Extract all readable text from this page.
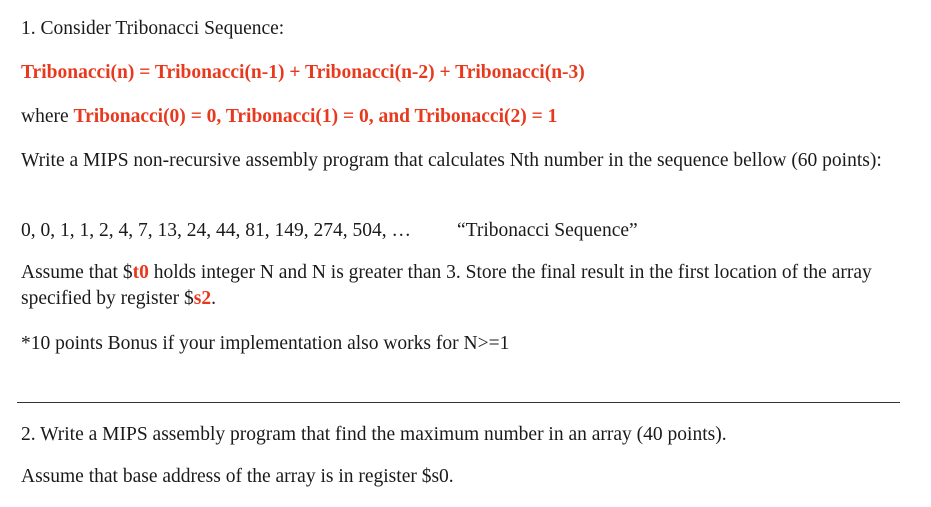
1. Consider Tribonacci Sequence:
Tribonacci(n) = Tribonacci(n-1) + Tribonacci(n-2) + Tribonacci(n-3)
where Tribonacci(0) = 0, Tribonacci(1) = 0, and Tribonacci(2) = 1
Write a MIPS non-recursive assembly program that calculates Nth number in the sequence bellow (60 points):
0, 0, 1, 1, 2, 4, 7, 13, 24, 44, 81, 149, 274, 504, … “Tribonacci Sequence”
Assume that $t0 holds integer N and N is greater than 3. Store the final result in the first location of the array specified by register $s2.
*10 points Bonus if your implementation also works for N>=1
2. Write a MIPS assembly program that find the maximum number in an array (40 points).
Assume that base address of the array is in register $s0.
